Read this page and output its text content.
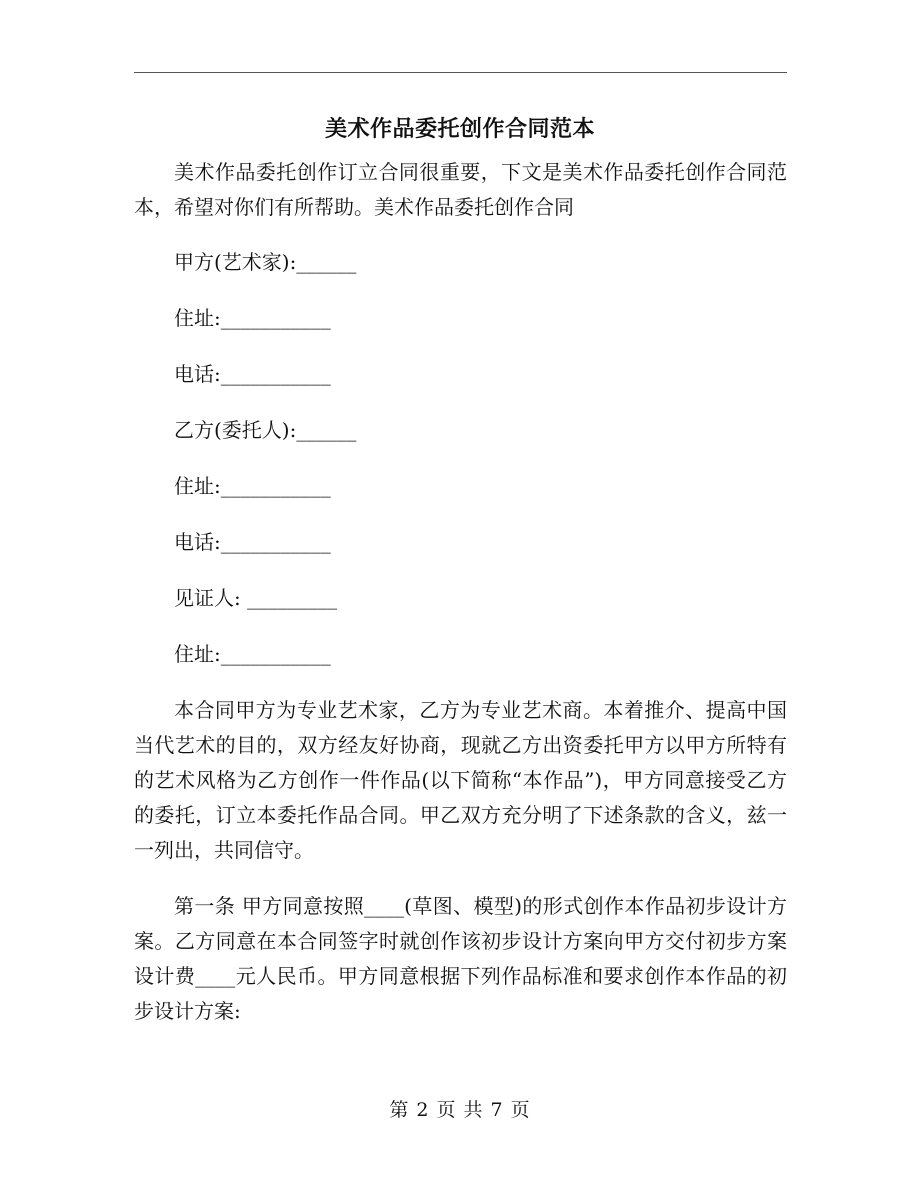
美术作品委托创作合同范本

美术作品委托创作订立合同很重要，下文是美术作品委托创作合同范本，希望对你们有所帮助。美术作品委托创作合同

甲方(艺术家):______

住址:___________

电话:___________

乙方(委托人):______

住址:___________

电话:___________

见证人: _________

住址:___________

本合同甲方为专业艺术家，乙方为专业艺术商。本着推介、提高中国当代艺术的目的，双方经友好协商，现就乙方出资委托甲方以甲方所特有的艺术风格为乙方创作一件作品(以下简称“本作品”)，甲方同意接受乙方的委托，订立本委托作品合同。甲乙双方充分明了下述条款的含义，兹一一列出，共同信守。

第一条 甲方同意按照____(草图、模型)的形式创作本作品初步设计方案。乙方同意在本合同签字时就创作该初步设计方案向甲方交付初步方案设计费____元人民币。甲方同意根据下列作品标准和要求创作本作品的初步设计方案:

第 2 页 共 7 页
